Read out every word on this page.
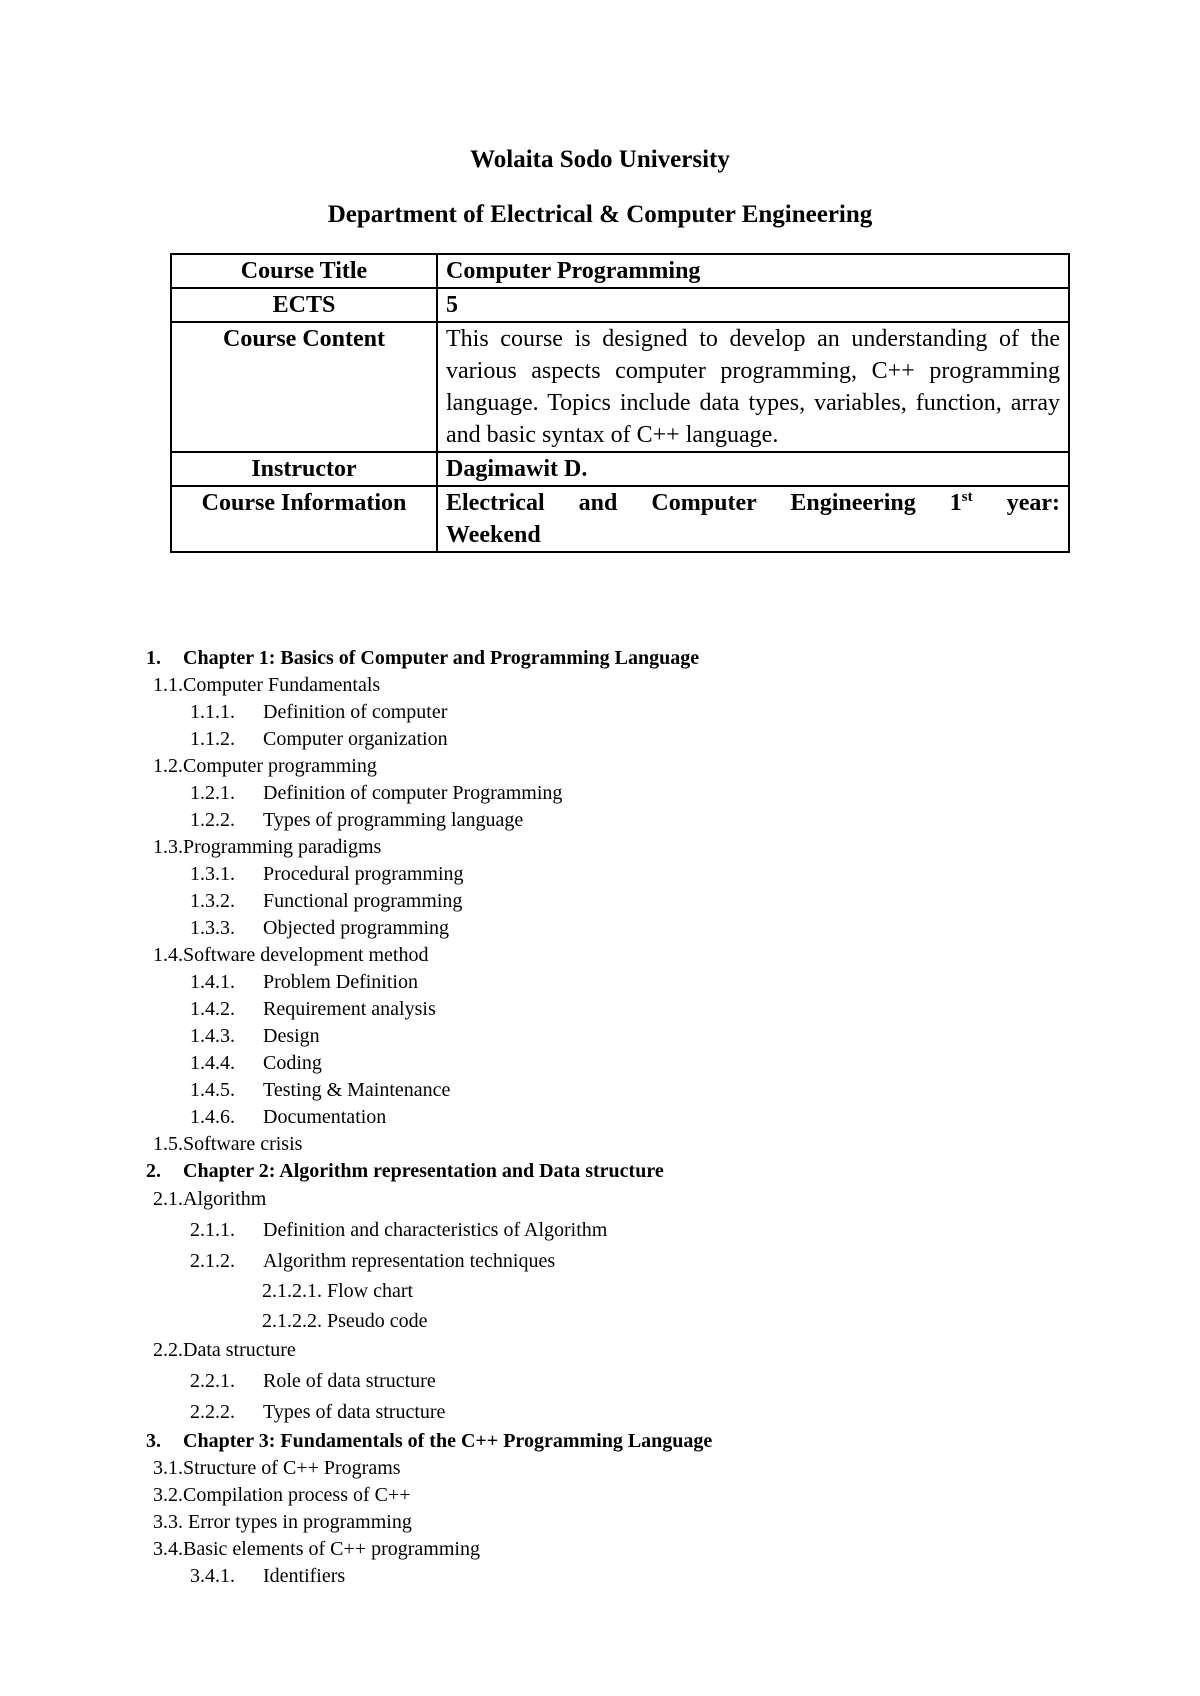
Wolaita Sodo University
Department of Electrical & Computer Engineering
Course Title	Computer Programming
ECTS	5
Course Content	This course is designed to develop an understanding of the various aspects computer programming, C++ programming language. Topics include data types, variables, function, array and basic syntax of C++ language.
Instructor	Dagimawit D.
Course Information	Electrical and Computer Engineering 1st year:
Weekend
1. Chapter 1: Basics of Computer and Programming Language
1.1.Computer Fundamentals
1.1.1. Definition of computer
1.1.2. Computer organization
1.2.Computer programming
1.2.1. Definition of computer Programming
1.2.2. Types of programming language
1.3.Programming paradigms
1.3.1. Procedural programming
1.3.2. Functional programming
1.3.3. Objected programming
1.4.Software development method
1.4.1. Problem Definition
1.4.2. Requirement analysis
1.4.3. Design
1.4.4. Coding
1.4.5. Testing & Maintenance
1.4.6. Documentation
1.5.Software crisis
2. Chapter 2: Algorithm representation and Data structure
2.1.Algorithm
2.1.1. Definition and characteristics of Algorithm
2.1.2. Algorithm representation techniques
2.1.2.1. Flow chart
2.1.2.2. Pseudo code
2.2.Data structure
2.2.1. Role of data structure
2.2.2. Types of data structure
3. Chapter 3: Fundamentals of the C++ Programming Language
3.1.Structure of C++ Programs
3.2.Compilation process of C++
3.3. Error types in programming
3.4.Basic elements of C++ programming
3.4.1. Identifiers
